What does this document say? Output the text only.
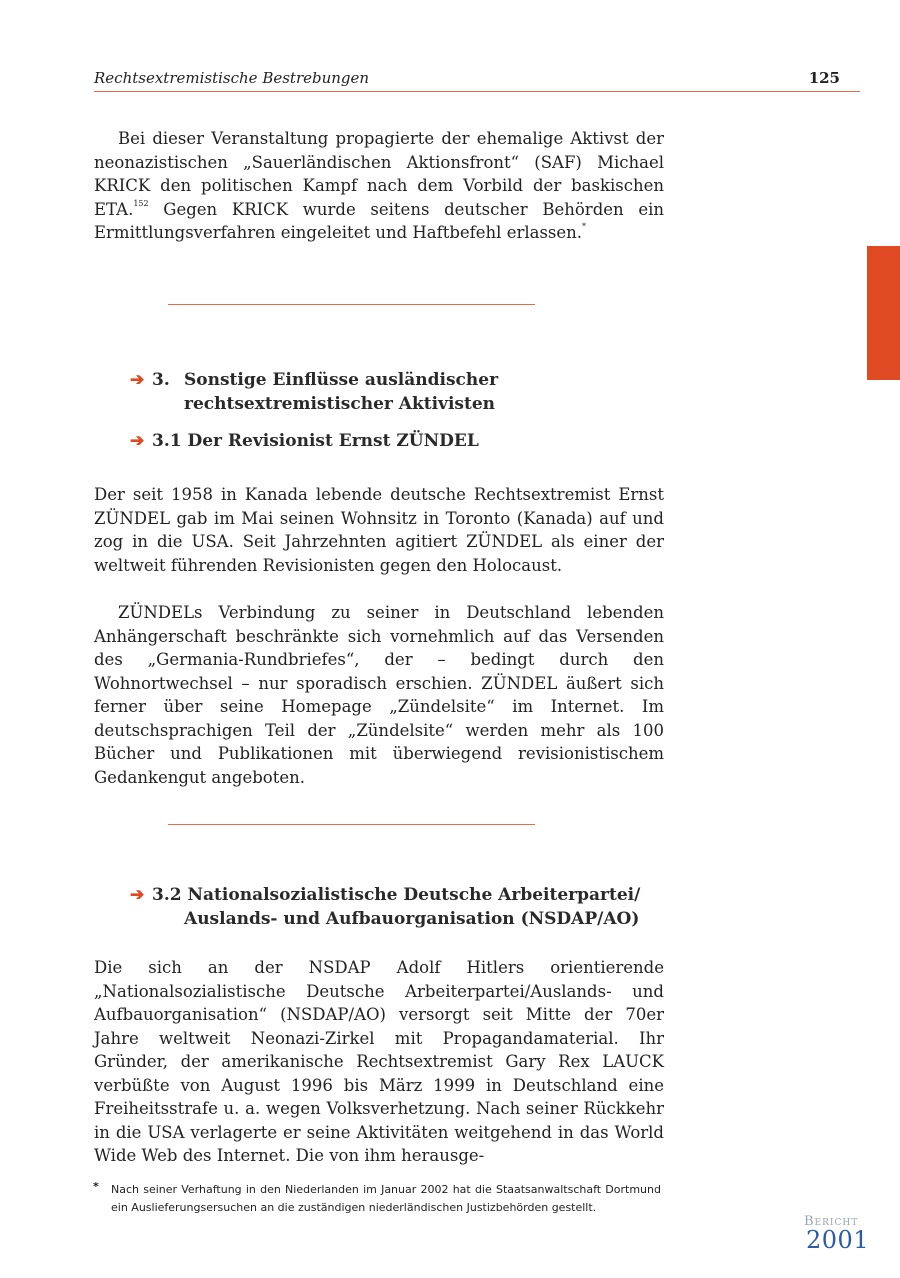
Rechtsextremistische Bestrebungen	125

Bei dieser Veranstaltung propagierte der ehemalige Aktivst der neonazistischen „Sauerländischen Aktionsfront“ (SAF) Michael KRICK den politischen Kampf nach dem Vorbild der baskischen ETA.$^{152}$ Gegen KRICK wurde seitens deutscher Behörden ein Ermittlungsverfahren eingeleitet und Haftbefehl erlassen.*

➔ 3. Sonstige Einflüsse ausländischer
rechtsextremistischer Aktivisten
➔ 3.1 Der Revisionist Ernst ZÜNDEL

Der seit 1958 in Kanada lebende deutsche Rechtsextremist Ernst ZÜNDEL gab im Mai seinen Wohnsitz in Toronto (Kanada) auf und zog in die USA. Seit Jahrzehnten agitiert ZÜNDEL als einer der weltweit führenden Revisionisten gegen den Holocaust.

ZÜNDELs Verbindung zu seiner in Deutschland lebenden Anhängerschaft beschränkte sich vornehmlich auf das Versenden des „Germania-Rundbriefes“, der – bedingt durch den Wohnortwechsel – nur sporadisch erschien. ZÜNDEL äußert sich ferner über seine Homepage „Zündelsite“ im Internet. Im deutschsprachigen Teil der „Zündelsite“ werden mehr als 100 Bücher und Publikationen mit überwiegend revisionistischem Gedankengut angeboten.

➔ 3.2 Nationalsozialistische Deutsche Arbeiterpartei/
Auslands- und Aufbauorganisation (NSDAP/AO)

Die sich an der NSDAP Adolf Hitlers orientierende „Nationalsozialistische Deutsche Arbeiterpartei/Auslands- und Aufbauorganisation“ (NSDAP/AO) versorgt seit Mitte der 70er Jahre weltweit Neonazi-Zirkel mit Propagandamaterial. Ihr Gründer, der amerikanische Rechtsextremist Gary Rex LAUCK verbüßte von August 1996 bis März 1999 in Deutschland eine Freiheitsstrafe u. a. wegen Volksverhetzung. Nach seiner Rückkehr in die USA verlagerte er seine Aktivitäten weitgehend in das World Wide Web des Internet. Die von ihm herausge-

* Nach seiner Verhaftung in den Niederlanden im Januar 2002 hat die Staatsanwaltschaft Dortmund ein Auslieferungsersuchen an die zuständigen niederländischen Justizbehörden gestellt.

Bericht
2001
